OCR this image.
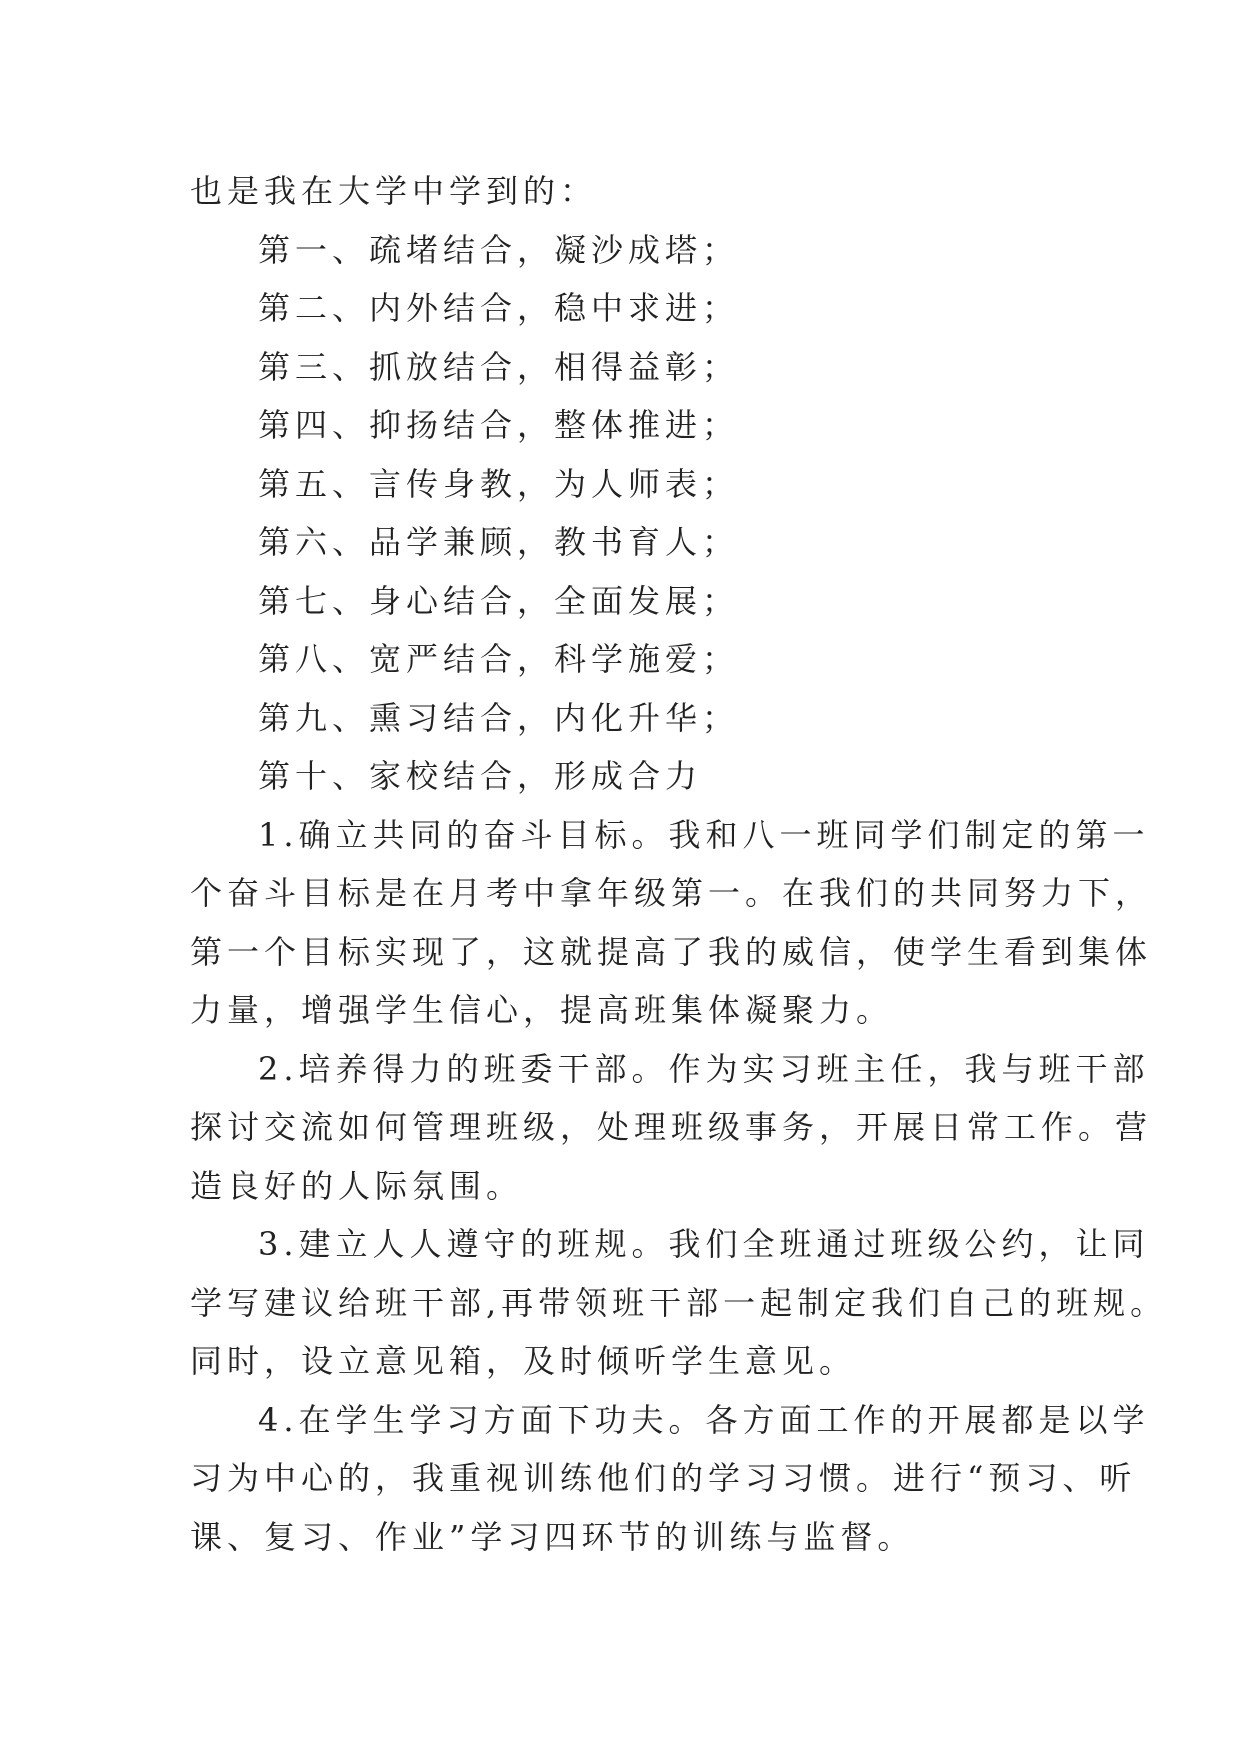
也是我在大学中学到的：

第一、疏堵结合，凝沙成塔；

第二、内外结合，稳中求进；

第三、抓放结合，相得益彰；

第四、抑扬结合，整体推进；

第五、言传身教，为人师表；

第六、品学兼顾，教书育人；

第七、身心结合，全面发展；

第八、宽严结合，科学施爱；

第九、熏习结合，内化升华；

第十、家校结合，形成合力

1.确立共同的奋斗目标。我和八一班同学们制定的第一

个奋斗目标是在月考中拿年级第一。在我们的共同努力下，

第一个目标实现了，这就提高了我的威信，使学生看到集体

力量，增强学生信心，提高班集体凝聚力。

2.培养得力的班委干部。作为实习班主任，我与班干部

探讨交流如何管理班级，处理班级事务，开展日常工作。营

造良好的人际氛围。

3.建立人人遵守的班规。我们全班通过班级公约，让同

学写建议给班干部,再带领班干部一起制定我们自己的班规。

同时，设立意见箱，及时倾听学生意见。

4.在学生学习方面下功夫。各方面工作的开展都是以学

习为中心的，我重视训练他们的学习习惯。进行“预习、听

课、复习、作业”学习四环节的训练与监督。
